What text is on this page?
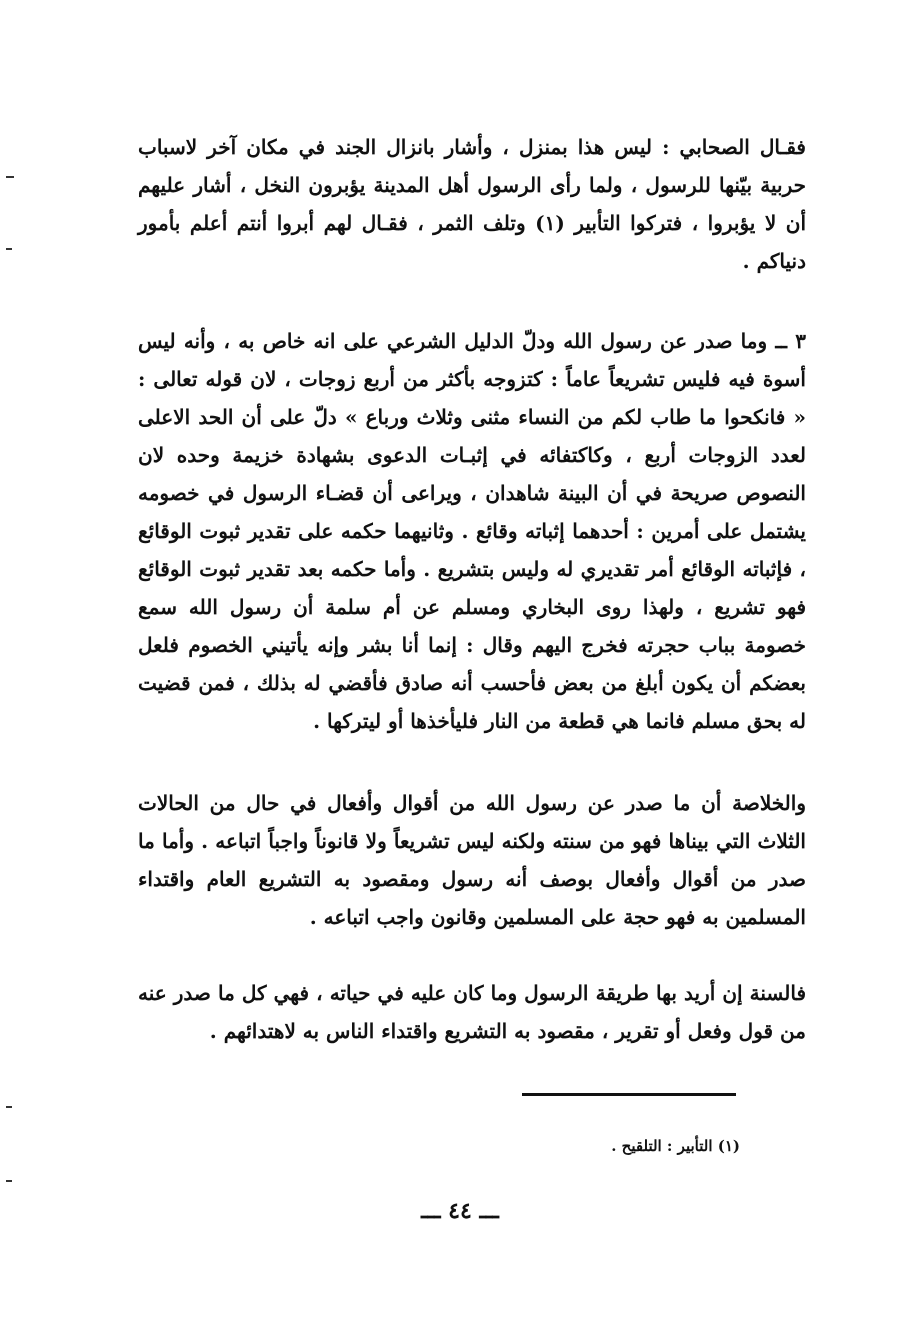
فقـال الصحابي : ليس هذا بمنزل ، وأشار بانزال الجند في مكان آخر لاسباب حربية بيّنها للرسول ، ولما رأى الرسول أهل المدينة يؤبرون النخل ، أشار عليهم أن لا يؤبروا ، فتركوا التأبير (١) وتلف الثمر ، فقـال لهم أبروا أنتم أعلم بأمور دنياكم .

٣ ــ وما صدر عن رسول الله ودلّ الدليل الشرعي على انه خاص به ، وأنه ليس أسوة فيه فليس تشريعاً عاماً : كتزوجه بأكثر من أربع زوجات ، لان قوله تعالى : « فانكحوا ما طاب لكم من النساء مثنى وثلاث ورباع » دلّ على أن الحد الاعلى لعدد الزوجات أربع ، وكاكتفائه في إثبـات الدعوى بشهادة خزيمة وحده لان النصوص صريحة في أن البينة شاهدان ، ويراعى أن قضـاء الرسول في خصومه يشتمل على أمرين : أحدهما إثباته وقائع . وثانيهما حكمه على تقدير ثبوت الوقائع ، فإثباته الوقائع أمر تقديري له وليس بتشريع . وأما حكمه بعد تقدير ثبوت الوقائع فهو تشريع ، ولهذا روى البخاري ومسلم عن أم سلمة أن رسول الله سمع خصومة بباب حجرته فخرج اليهم وقال : إنما أنا بشر وإنه يأتيني الخصوم فلعل بعضكم أن يكون أبلغ من بعض فأحسب أنه صادق فأقضي له بذلك ، فمن قضيت له بحق مسلم فانما هي قطعة من النار فليأخذها أو ليتركها .

والخلاصة أن ما صدر عن رسول الله من أقوال وأفعال في حال من الحالات الثلاث التي بيناها فهو من سنته ولكنه ليس تشريعاً ولا قانوناً واجباً اتباعه . وأما ما صدر من أقوال وأفعال بوصف أنه رسول ومقصود به التشريع العام واقتداء المسلمين به فهو حجة على المسلمين وقانون واجب اتباعه .

فالسنة إن أريد بها طريقة الرسول وما كان عليه في حياته ، فهي كل ما صدر عنه من قول وفعل أو تقرير ، مقصود به التشريع واقتداء الناس به لاهتدائهم .

(١) التأبير : التلقيح .

ـــ ٤٤ ـــ
